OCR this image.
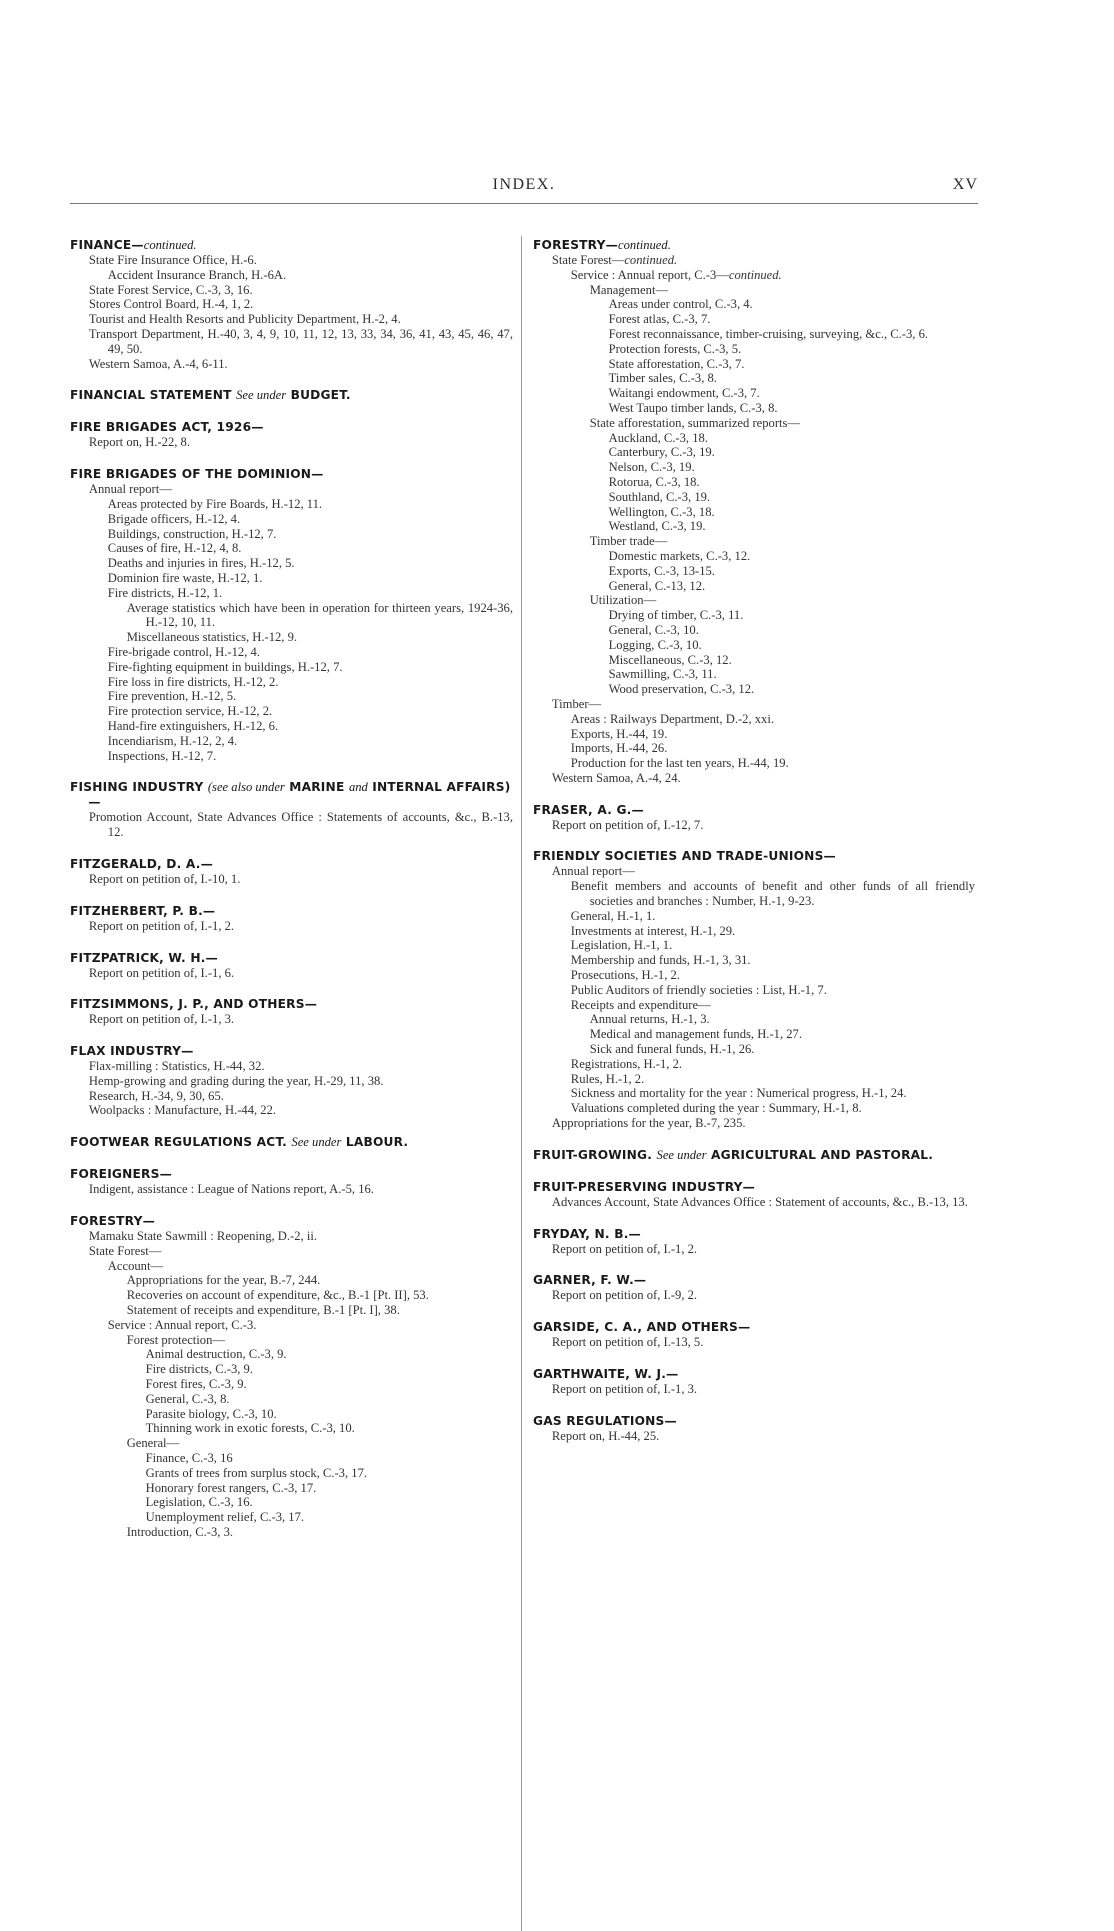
INDEX.	XV
FINANCE—continued.
State Fire Insurance Office, H.-6.
Accident Insurance Branch, H.-6A.
State Forest Service, C.-3, 3, 16.
Stores Control Board, H.-4, 1, 2.
Tourist and Health Resorts and Publicity Department, H.-2, 4.
Transport Department, H.-40, 3, 4, 9, 10, 11, 12, 13, 33, 34, 36, 41, 43, 45, 46, 47, 49, 50.
Western Samoa, A.-4, 6-11.
FINANCIAL STATEMENT See under BUDGET.
FIRE BRIGADES ACT, 1926—
Report on, H.-22, 8.
FIRE BRIGADES OF THE DOMINION—
Annual report—
Areas protected by Fire Boards, H.-12, 11.
Brigade officers, H.-12, 4.
Buildings, construction, H.-12, 7.
Causes of fire, H.-12, 4, 8.
Deaths and injuries in fires, H.-12, 5.
Dominion fire waste, H.-12, 1.
Fire districts, H.-12, 1.
Average statistics which have been in operation for thirteen years, 1924-36, H.-12, 10, 11.
Miscellaneous statistics, H.-12, 9.
Fire-brigade control, H.-12, 4.
Fire-fighting equipment in buildings, H.-12, 7.
Fire loss in fire districts, H.-12, 2.
Fire prevention, H.-12, 5.
Fire protection service, H.-12, 2.
Hand-fire extinguishers, H.-12, 6.
Incendiarism, H.-12, 2, 4.
Inspections, H.-12, 7.
FISHING INDUSTRY (see also under MARINE and INTERNAL AFFAIRS)—
Promotion Account, State Advances Office : Statements of accounts, &c., B.-13, 12.
FITZGERALD, D. A.—
Report on petition of, I.-10, 1.
FITZHERBERT, P. B.—
Report on petition of, I.-1, 2.
FITZPATRICK, W. H.—
Report on petition of, I.-1, 6.
FITZSIMMONS, J. P., AND OTHERS—
Report on petition of, I.-1, 3.
FLAX INDUSTRY—
Flax-milling : Statistics, H.-44, 32.
Hemp-growing and grading during the year, H.-29, 11, 38.
Research, H.-34, 9, 30, 65.
Woolpacks : Manufacture, H.-44, 22.
FOOTWEAR REGULATIONS ACT. See under LABOUR.
FOREIGNERS—
Indigent, assistance : League of Nations report, A.-5, 16.
FORESTRY—
Mamaku State Sawmill : Reopening, D.-2, ii.
State Forest—
Account—
Appropriations for the year, B.-7, 244.
Recoveries on account of expenditure, &c., B.-1 [Pt. II], 53.
Statement of receipts and expenditure, B.-1 [Pt. I], 38.
Service : Annual report, C.-3.
Forest protection—
Animal destruction, C.-3, 9.
Fire districts, C.-3, 9.
Forest fires, C.-3, 9.
General, C.-3, 8.
Parasite biology, C.-3, 10.
Thinning work in exotic forests, C.-3, 10.
General—
Finance, C.-3, 16
Grants of trees from surplus stock, C.-3, 17.
Honorary forest rangers, C.-3, 17.
Legislation, C.-3, 16.
Unemployment relief, C.-3, 17.
Introduction, C.-3, 3.
FORESTRY—continued.
State Forest—continued.
Service : Annual report, C.-3—continued.
Management—
Areas under control, C.-3, 4.
Forest atlas, C.-3, 7.
Forest reconnaissance, timber-cruising, surveying, &c., C.-3, 6.
Protection forests, C.-3, 5.
State afforestation, C.-3, 7.
Timber sales, C.-3, 8.
Waitangi endowment, C.-3, 7.
West Taupo timber lands, C.-3, 8.
State afforestation, summarized reports—
Auckland, C.-3, 18.
Canterbury, C.-3, 19.
Nelson, C.-3, 19.
Rotorua, C.-3, 18.
Southland, C.-3, 19.
Wellington, C.-3, 18.
Westland, C.-3, 19.
Timber trade—
Domestic markets, C.-3, 12.
Exports, C.-3, 13-15.
General, C.-13, 12.
Utilization—
Drying of timber, C.-3, 11.
General, C.-3, 10.
Logging, C.-3, 10.
Miscellaneous, C.-3, 12.
Sawmilling, C.-3, 11.
Wood preservation, C.-3, 12.
Timber—
Areas : Railways Department, D.-2, xxi.
Exports, H.-44, 19.
Imports, H.-44, 26.
Production for the last ten years, H.-44, 19.
Western Samoa, A.-4, 24.
FRASER, A. G.—
Report on petition of, I.-12, 7.
FRIENDLY SOCIETIES AND TRADE-UNIONS—
Annual report—
Benefit members and accounts of benefit and other funds of all friendly societies and branches : Number, H.-1, 9-23.
General, H.-1, 1.
Investments at interest, H.-1, 29.
Legislation, H.-1, 1.
Membership and funds, H.-1, 3, 31.
Prosecutions, H.-1, 2.
Public Auditors of friendly societies : List, H.-1, 7.
Receipts and expenditure—
Annual returns, H.-1, 3.
Medical and management funds, H.-1, 27.
Sick and funeral funds, H.-1, 26.
Registrations, H.-1, 2.
Rules, H.-1, 2.
Sickness and mortality for the year : Numerical progress, H.-1, 24.
Valuations completed during the year : Summary, H.-1, 8.
Appropriations for the year, B.-7, 235.
FRUIT-GROWING. See under AGRICULTURAL AND PASTORAL.
FRUIT-PRESERVING INDUSTRY—
Advances Account, State Advances Office : Statement of accounts, &c., B.-13, 13.
FRYDAY, N. B.—
Report on petition of, I.-1, 2.
GARNER, F. W.—
Report on petition of, I.-9, 2.
GARSIDE, C. A., AND OTHERS—
Report on petition of, I.-13, 5.
GARTHWAITE, W. J.—
Report on petition of, I.-1, 3.
GAS REGULATIONS—
Report on, H.-44, 25.
